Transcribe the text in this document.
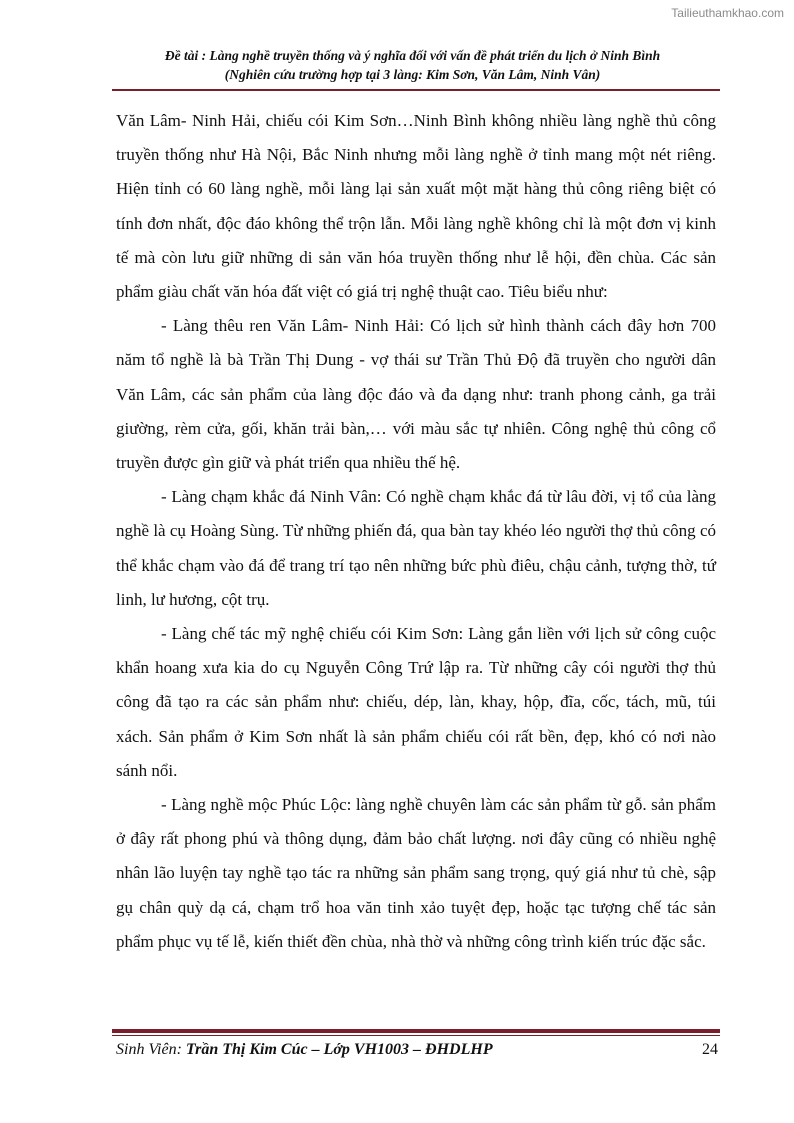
Tailieuthamkhao.com
Đề tài : Làng nghề truyền thống và ý nghĩa đối với vấn đề phát triển du lịch ở Ninh Bình
(Nghiên cứu trường hợp tại 3 làng: Kim Sơn, Văn Lâm, Ninh Vân)

Văn Lâm- Ninh Hải, chiếu cói Kim Sơn…Ninh Bình không nhiều làng nghề thủ công truyền thống như Hà Nội, Bắc Ninh nhưng mỗi làng nghề ở tỉnh mang một nét riêng. Hiện tỉnh có 60 làng nghề, mỗi làng lại sản xuất một mặt hàng thủ công riêng biệt có tính đơn nhất, độc đáo không thể trộn lẫn. Mỗi làng nghề không chỉ là một đơn vị kinh tế mà còn lưu giữ những di sản văn hóa truyền thống như lễ hội, đền chùa. Các sản phẩm giàu chất văn hóa đất việt có giá trị nghệ thuật cao. Tiêu biểu như:

- Làng thêu ren Văn Lâm- Ninh Hải: Có lịch sử hình thành cách đây hơn 700 năm tổ nghề là bà Trần Thị Dung - vợ thái sư Trần Thủ Độ đã truyền cho người dân Văn Lâm, các sản phẩm của làng độc đáo và đa dạng như: tranh phong cảnh, ga trải giường, rèm cửa, gối, khăn trải bàn,… với màu sắc tự nhiên. Công nghệ thủ công cổ truyền được gìn giữ và phát triển qua nhiều thế hệ.

- Làng chạm khắc đá Ninh Vân: Có nghề chạm khắc đá từ lâu đời, vị tổ của làng nghề là cụ Hoàng Sùng. Từ những phiến đá, qua bàn tay khéo léo người thợ thủ công có thể khắc chạm vào đá để trang trí tạo nên những bức phù điêu, chậu cảnh, tượng thờ, tứ linh, lư hương, cột trụ.

- Làng chế tác mỹ nghệ chiếu cói Kim Sơn: Làng gắn liền với lịch sử công cuộc khẩn hoang xưa kia do cụ Nguyễn Công Trứ lập ra. Từ những cây cói người thợ thủ công đã tạo ra các sản phẩm như: chiếu, dép, làn, khay, hộp, đĩa, cốc, tách, mũ, túi xách. Sản phẩm ở Kim Sơn nhất là sản phẩm chiếu cói rất bền, đẹp, khó có nơi nào sánh nổi.

- Làng nghề mộc Phúc Lộc: làng nghề chuyên làm các sản phẩm từ gỗ. sản phẩm ở đây rất phong phú và thông dụng, đảm bảo chất lượng. nơi đây cũng có nhiều nghệ nhân lão luyện tay nghề tạo tác ra những sản phẩm sang trọng, quý giá như tủ chè, sập gụ chân quỳ dạ cá, chạm trổ hoa văn tinh xảo tuyệt đẹp, hoặc tạc tượng chế tác sản phẩm phục vụ tế lễ, kiến thiết đền chùa, nhà thờ và những công trình kiến trúc đặc sắc.

Sinh Viên: Trần Thị Kim Cúc – Lớp VH1003 – ĐHDLHP	24
